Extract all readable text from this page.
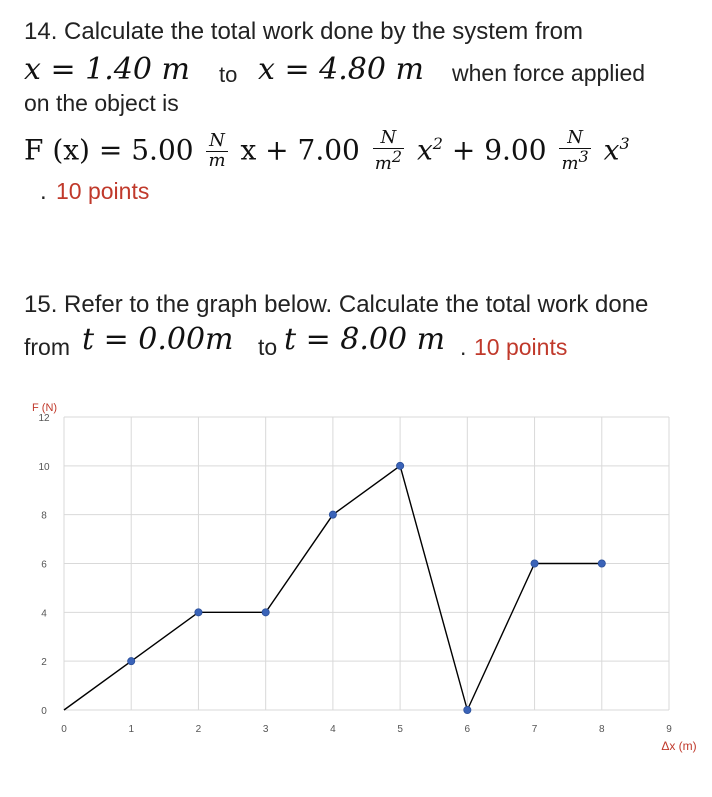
14. Calculate the total work done by the system from
x = 1.40 m to x = 4.80 m when force applied
on the object is
F $(x) = 5.00 \frac{N}{m}$ $x + 7.00 \frac{N}{m^2} x^2 + 9.00 \frac{N}{m^3} x^3$
. 10 points
15. Refer to the graph below. Calculate the total work done
from t = 0.00m to t = 8.00 m . 10 points
0	1	2	3	4	5	6	7	8	9
0
2
4
6
8
10
12
F (N)
Δx (m)
